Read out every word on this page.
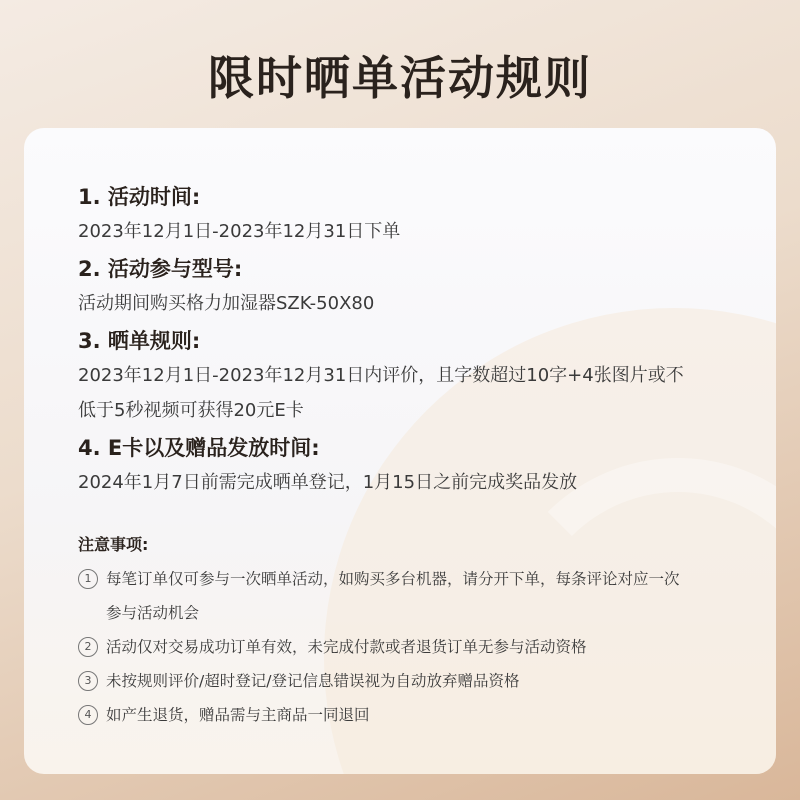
限时晒单活动规则

1. 活动时间:

2023年12月1日-2023年12月31日下单

2. 活动参与型号:

活动期间购买格力加湿器SZK-50X80

3. 晒单规则:

2023年12月1日-2023年12月31日内评价，且字数超过10字+4张图片或不
低于5秒视频可获得20元E卡

4. E卡以及赠品发放时间:

2024年1月7日前需完成晒单登记，1月15日之前完成奖品发放

注意事项:
1 每笔订单仅可参与一次晒单活动，如购买多台机器，请分开下单，每条评论对应一次
参与活动机会
2 活动仅对交易成功订单有效，未完成付款或者退货订单无参与活动资格
3 未按规则评价/超时登记/登记信息错误视为自动放弃赠品资格
4 如产生退货，赠品需与主商品一同退回
